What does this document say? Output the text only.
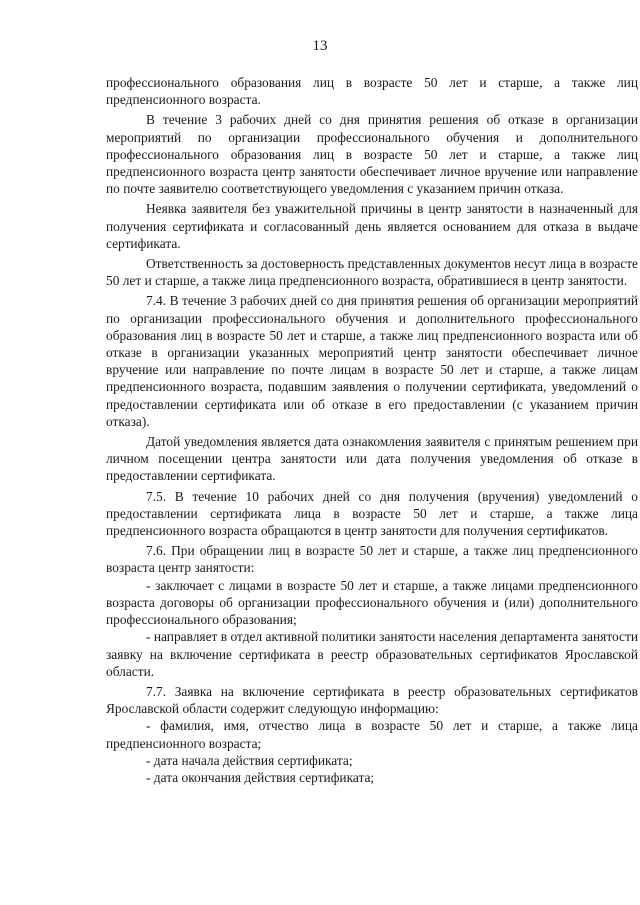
13

профессионального образования лиц в возрасте 50 лет и старше, а также лиц предпенсионного возраста.

В течение 3 рабочих дней со дня принятия решения об отказе в организации мероприятий по организации профессионального обучения и дополнительного профессионального образования лиц в возрасте 50 лет и старше, а также лиц предпенсионного возраста центр занятости обеспечивает личное вручение или направление по почте заявителю соответствующего уведомления с указанием причин отказа.

Неявка заявителя без уважительной причины в центр занятости в назначенный для получения сертификата и согласованный день является основанием для отказа в выдаче сертификата.

Ответственность за достоверность представленных документов несут лица в возрасте 50 лет и старше, а также лица предпенсионного возраста, обратившиеся в центр занятости.

7.4. В течение 3 рабочих дней со дня принятия решения об организации мероприятий по организации профессионального обучения и дополнительного профессионального образования лиц в возрасте 50 лет и старше, а также лиц предпенсионного возраста или об отказе в организации указанных мероприятий центр занятости обеспечивает личное вручение или направление по почте лицам в возрасте 50 лет и старше, а также лицам предпенсионного возраста, подавшим заявления о получении сертификата, уведомлений о предоставлении сертификата или об отказе в его предоставлении (с указанием причин отказа).

Датой уведомления является дата ознакомления заявителя с принятым решением при личном посещении центра занятости или дата получения уведомления об отказе в предоставлении сертификата.

7.5. В течение 10 рабочих дней со дня получения (вручения) уведомлений о предоставлении сертификата лица в возрасте 50 лет и старше, а также лица предпенсионного возраста обращаются в центр занятости для получения сертификатов.

7.6. При обращении лиц в возрасте 50 лет и старше, а также лиц предпенсионного возраста центр занятости:

- заключает с лицами в возрасте 50 лет и старше, а также лицами предпенсионного возраста договоры об организации профессионального обучения и (или) дополнительного профессионального образования;

- направляет в отдел активной политики занятости населения департамента занятости заявку на включение сертификата в реестр образовательных сертификатов Ярославской области.

7.7. Заявка на включение сертификата в реестр образовательных сертификатов Ярославской области содержит следующую информацию:

- фамилия, имя, отчество лица в возрасте 50 лет и старше, а также лица предпенсионного возраста;

- дата начала действия сертификата;

- дата окончания действия сертификата;
